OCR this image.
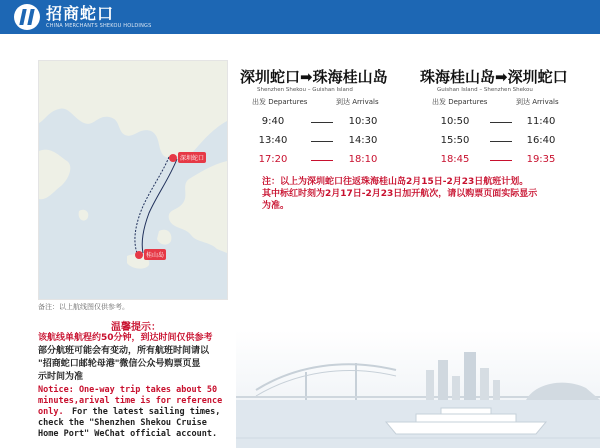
招商蛇口
CHINA MERCHANTS SHEKOU HOLDINGS
深圳蛇口
桂山岛
备注：以上航线图仅供参考。
深圳蛇口➡珠海桂山岛
Shenzhen Shekou – Guishan Island
出发 Departures	到达 Arrivals
9:40	10:30
13:40	14:30
17:20	18:10
珠海桂山岛➡深圳蛇口
Guishan Island – Shenzhen Shekou
出发 Departures	到达 Arrivals
10:50	11:40
15:50	16:40
18:45	19:35
注：以上为深圳蛇口往返珠海桂山岛2月15日-2月23日航班计划。
其中标红时刻为2月17日-2月23日加开航次，请以购票页面实际显示
为准。
温馨提示：
该航线单航程约50分钟，到达时间仅供参考
部分航班可能会有变动，所有航班时间请以
"招商蛇口邮轮母港"微信公众号购票页显
示时间为准
Notice: One-way trip takes about 50
minutes,arival time is for reference
only. For the latest sailing times,
check the "Shenzhen Shekou Cruise
Home Port" WeChat official account.
